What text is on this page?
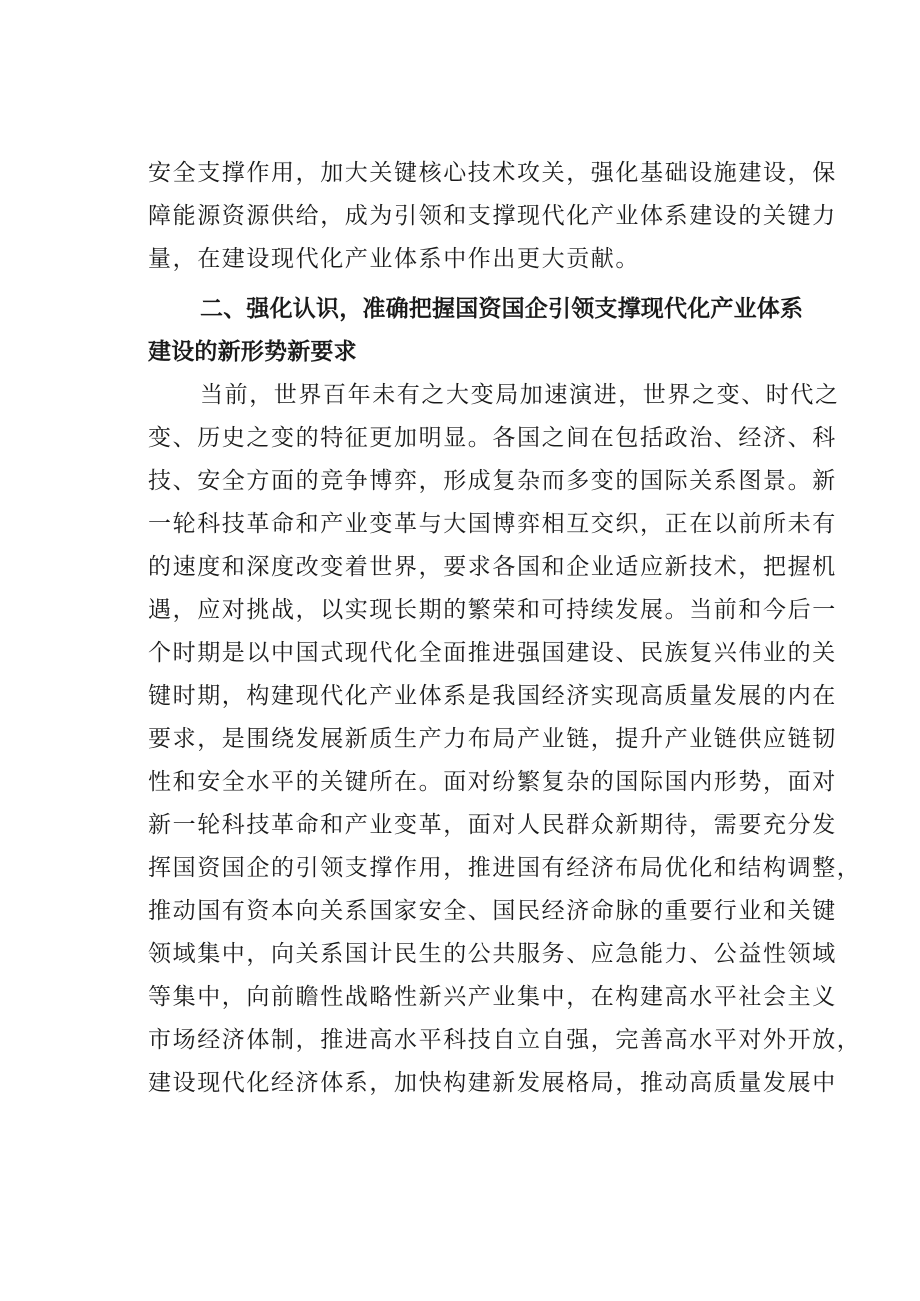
安全支撑作用，加大关键核心技术攻关，强化基础设施建设，保
障能源资源供给，成为引领和支撑现代化产业体系建设的关键力
量，在建设现代化产业体系中作出更大贡献。
二、强化认识，准确把握国资国企引领支撑现代化产业体系
建设的新形势新要求
当前，世界百年未有之大变局加速演进，世界之变、时代之
变、历史之变的特征更加明显。各国之间在包括政治、经济、科
技、安全方面的竞争博弈，形成复杂而多变的国际关系图景。新
一轮科技革命和产业变革与大国博弈相互交织，正在以前所未有
的速度和深度改变着世界，要求各国和企业适应新技术，把握机
遇，应对挑战，以实现长期的繁荣和可持续发展。当前和今后一
个时期是以中国式现代化全面推进强国建设、民族复兴伟业的关
键时期，构建现代化产业体系是我国经济实现高质量发展的内在
要求，是围绕发展新质生产力布局产业链，提升产业链供应链韧
性和安全水平的关键所在。面对纷繁复杂的国际国内形势，面对
新一轮科技革命和产业变革，面对人民群众新期待，需要充分发
挥国资国企的引领支撑作用，推进国有经济布局优化和结构调整，
推动国有资本向关系国家安全、国民经济命脉的重要行业和关键
领域集中，向关系国计民生的公共服务、应急能力、公益性领域
等集中，向前瞻性战略性新兴产业集中，在构建高水平社会主义
市场经济体制，推进高水平科技自立自强，完善高水平对外开放，
建设现代化经济体系，加快构建新发展格局，推动高质量发展中
